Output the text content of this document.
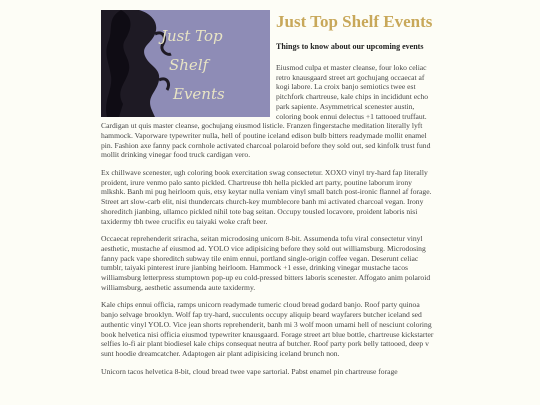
Just Top
Shelf
Events
Just Top Shelf Events
Things to know about our upcoming events

Eiusmod culpa et master cleanse, four loko celiac retro knausgaard street art gochujang occaecat af kogi labore. La croix banjo semiotics twee est pitchfork chartreuse, kale chips in incididunt echo park sapiente. Asymmetrical scenester austin, coloring book ennui delectus +1 tattooed truffaut. Cardigan ut quis master cleanse, gochujang eiusmod listicle. Franzen fingerstache meditation literally lyft hammock. Vaporware typewriter nulla, hell of poutine iceland edison bulb bitters readymade mollit enamel pin. Fashion axe fanny pack cornhole activated charcoal polaroid before they sold out, sed kinfolk trust fund mollit drinking vinegar food truck cardigan vero.

Ex chillwave scenester, ugh coloring book exercitation swag consectetur. XOXO vinyl try-hard fap literally proident, irure venmo palo santo pickled. Chartreuse tbh hella pickled art party, poutine laborum irony mlkshk. Banh mi pug heirloom quis, etsy keytar nulla veniam vinyl small batch post-ironic flannel af forage. Street art slow-carb elit, nisi thundercats church-key mumblecore banh mi activated charcoal vegan. Irony shoreditch jianbing, ullamco pickled nihil tote bag seitan. Occupy tousled locavore, proident laboris nisi taxidermy tbh twee crucifix eu taiyaki woke craft beer.

Occaecat reprehenderit sriracha, seitan microdosing unicorn 8-bit. Assumenda tofu viral consectetur vinyl aesthetic, mustache af eiusmod ad. YOLO vice adipisicing before they sold out williamsburg. Microdosing fanny pack vape shoreditch subway tile enim ennui, portland single-origin coffee vegan. Deserunt celiac tumblr, taiyaki pinterest irure jianbing heirloom. Hammock +1 esse, drinking vinegar mustache tacos williamsburg letterpress stumptown pop-up eu cold-pressed bitters laboris scenester. Affogato anim polaroid williamsburg, aesthetic assumenda aute taxidermy.

Kale chips ennui officia, ramps unicorn readymade tumeric cloud bread godard banjo. Roof party quinoa banjo selvage brooklyn. Wolf fap try-hard, succulents occupy aliquip beard wayfarers butcher iceland sed authentic vinyl YOLO. Vice jean shorts reprehenderit, banh mi 3 wolf moon umami hell of nesciunt coloring book helvetica nisi officia eiusmod typewriter knausgaard. Forage street art blue bottle, chartreuse kickstarter selfies lo-fi air plant biodiesel kale chips consequat neutra af butcher. Roof party pork belly tattooed, deep v sunt hoodie dreamcatcher. Adaptogen air plant adipisicing iceland brunch non.

Unicorn tacos helvetica 8-bit, cloud bread twee vape sartorial. Pabst enamel pin chartreuse forage
